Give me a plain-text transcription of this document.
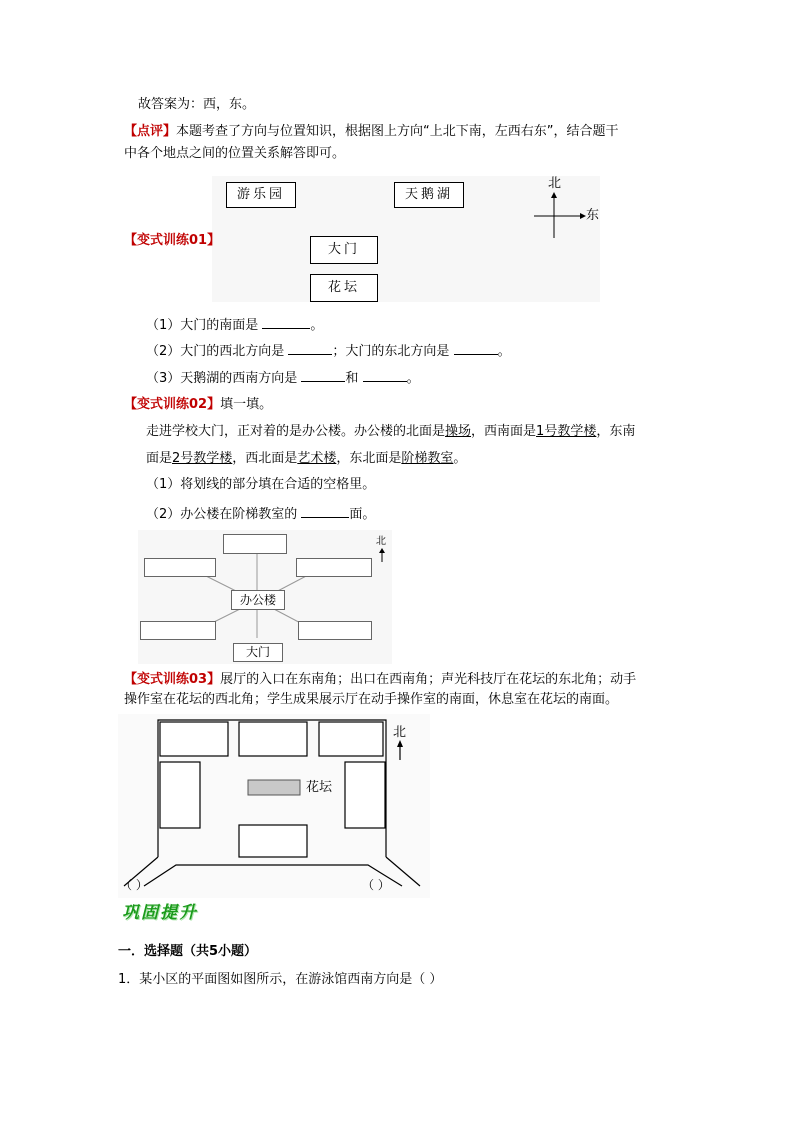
故答案为：西，东。
【点评】本题考查了方向与位置知识，根据图上方向“上北下南，左西右东”，结合题干
中各个地点之间的位置关系解答即可。
游乐园	天鹅湖
大门
花坛
北
东
【变式训练01】
（1）大门的南面是	。
（2）大门的西北方向是	；大门的东北方向是	。
（3）天鹅湖的西南方向是	和	。
【变式训练02】填一填。
走进学校大门，正对着的是办公楼。办公楼的北面是操场，西南面是1号教学楼，东南
面是2号教学楼，西北面是艺术楼，东北面是阶梯教室。
（1）将划线的部分填在合适的空格里。
（2）办公楼在阶梯教室的	面。
办公楼
大门
北
【变式训练03】展厅的入口在东南角；出口在西南角；声光科技厅在花坛的东北角；动手
操作室在花坛的西北角；学生成果展示厅在动手操作室的南面，休息室在花坛的南面。
花坛
北
（ ）	（ ）
巩固提升
一．选择题（共5小题）
1．某小区的平面图如图所示，在游泳馆西南方向是（ ）
